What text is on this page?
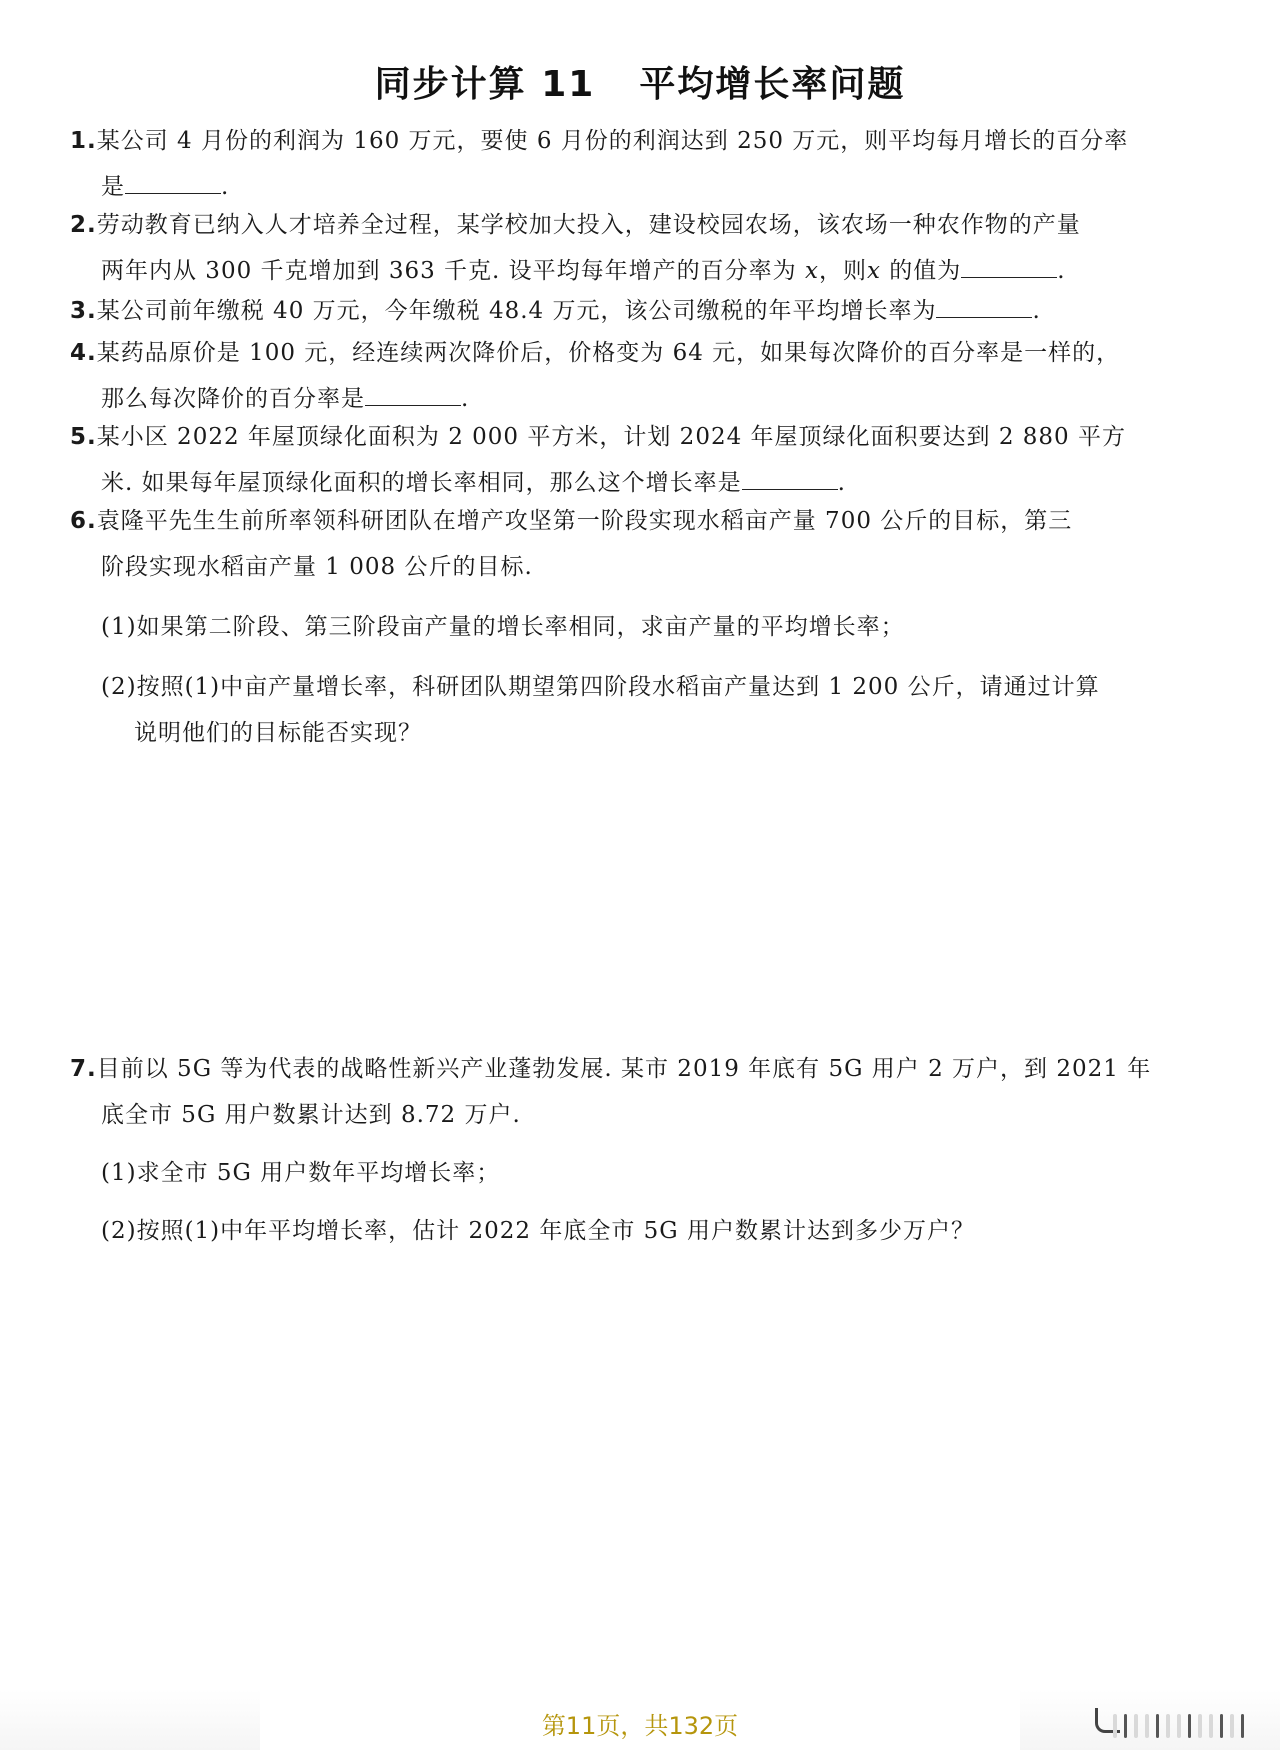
同步计算 11 平均增长率问题
1.某公司 4 月份的利润为 160 万元，要使 6 月份的利润达到 250 万元，则平均每月增长的百分率
是	.
2.劳动教育已纳入人才培养全过程，某学校加大投入，建设校园农场，该农场一种农作物的产量
两年内从 300 千克增加到 363 千克. 设平均每年增产的百分率为 x，则x 的值为	.
3.某公司前年缴税 40 万元，今年缴税 48.4 万元，该公司缴税的年平均增长率为	.
4.某药品原价是 100 元，经连续两次降价后，价格变为 64 元，如果每次降价的百分率是一样的，
那么每次降价的百分率是	.
5.某小区 2022 年屋顶绿化面积为 2 000 平方米，计划 2024 年屋顶绿化面积要达到 2 880 平方
米. 如果每年屋顶绿化面积的增长率相同，那么这个增长率是	.
6.袁隆平先生生前所率领科研团队在增产攻坚第一阶段实现水稻亩产量 700 公斤的目标，第三
阶段实现水稻亩产量 1 008 公斤的目标.
(1)如果第二阶段、第三阶段亩产量的增长率相同，求亩产量的平均增长率；
(2)按照(1)中亩产量增长率，科研团队期望第四阶段水稻亩产量达到 1 200 公斤，请通过计算
说明他们的目标能否实现？
7.目前以 5G 等为代表的战略性新兴产业蓬勃发展. 某市 2019 年底有 5G 用户 2 万户，到 2021 年
底全市 5G 用户数累计达到 8.72 万户.
(1)求全市 5G 用户数年平均增长率；
(2)按照(1)中年平均增长率，估计 2022 年底全市 5G 用户数累计达到多少万户？
第11页，共132页
